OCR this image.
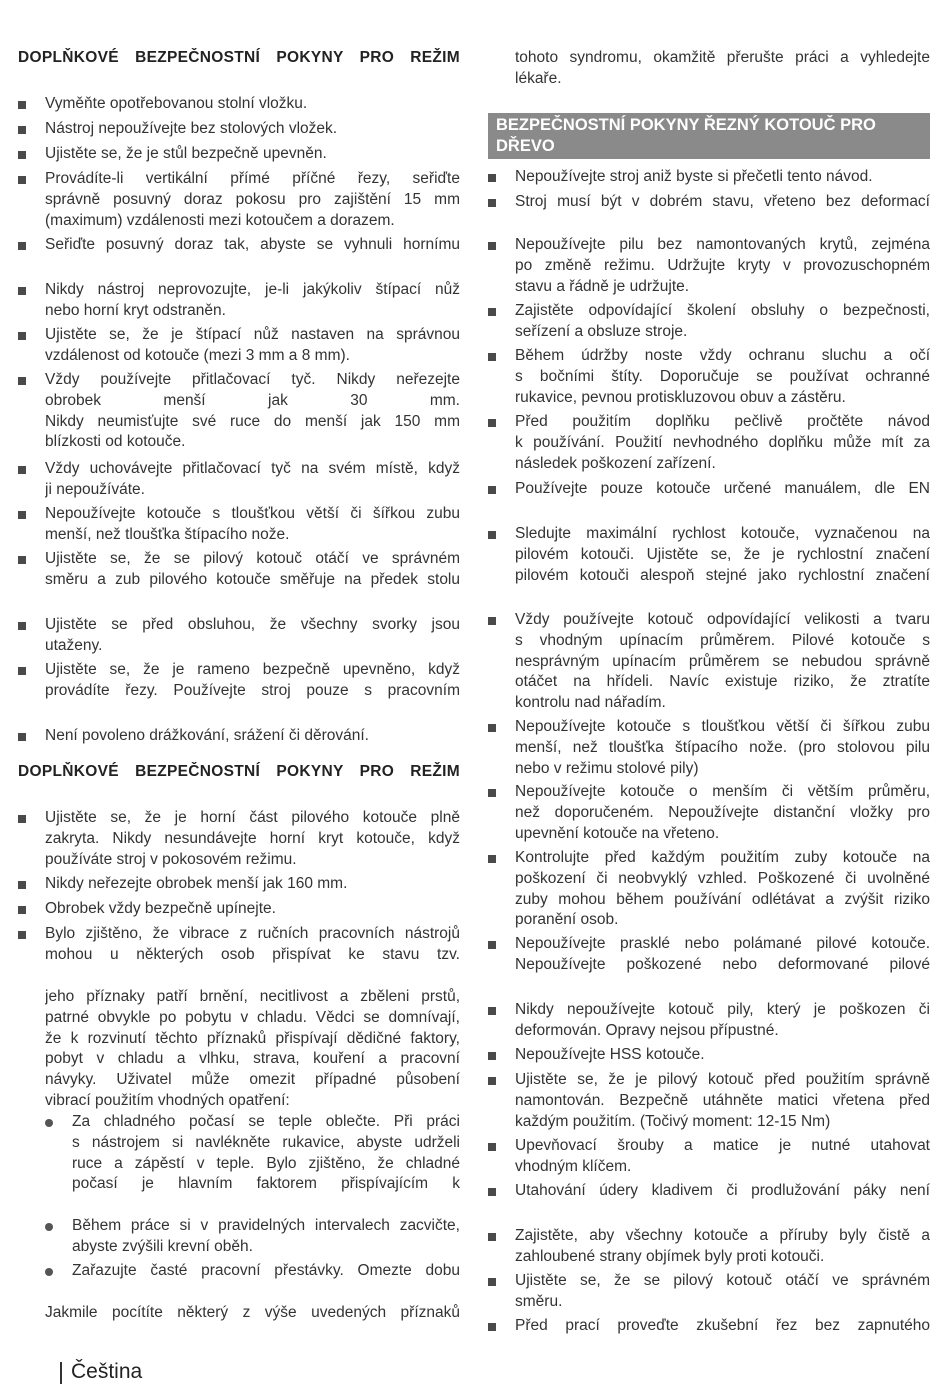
DOPLŇKOVÉ BEZPEČNOSTNÍ POKYNY PRO REŽIM
Vyměňte opotřebovanou stolní vložku.
Nástroj nepoužívejte bez stolových vložek.
Ujistěte se, že je stůl bezpečně upevněn.
Provádíte-li vertikální přímé příčné řezy, seřiďte
správně posuvný doraz pokosu pro zajištění 15 mm
(maximum) vzdálenosti mezi kotoučem a dorazem.
Seřiďte posuvný doraz tak, abyste se vyhnuli hornímu
Nikdy nástroj neprovozujte, je-li jakýkoliv štípací nůž
nebo horní kryt odstraněn.
Ujistěte se, že je štípací nůž nastaven na správnou
vzdálenost od kotouče (mezi 3 mm a 8 mm).
Vždy používejte přitlačovací tyč. Nikdy neřezejte
obrobek menší jak 30 mm.
Nikdy neumisťujte své ruce do menší jak 150 mm
blízkosti od kotouče.
Vždy uchovávejte přitlačovací tyč na svém místě, když
ji nepoužíváte.
Nepoužívejte kotouče s tloušťkou větší či šířkou zubu
menší, než tloušťka štípacího nože.
Ujistěte se, že se pilový kotouč otáčí ve správném
směru a zub pilového kotouče směřuje na předek stolu
Ujistěte se před obsluhou, že všechny svorky jsou
utaženy.
Ujistěte se, že je rameno bezpečně upevněno, když
provádíte řezy. Používejte stroj pouze s pracovním
Není povoleno drážkování, srážení či děrování.
DOPLŇKOVÉ BEZPEČNOSTNÍ POKYNY PRO REŽIM
Ujistěte se, že je horní část pilového kotouče plně
zakryta. Nikdy nesundávejte horní kryt kotouče, když
používáte stroj v pokosovém režimu.
Nikdy neřezejte obrobek menší jak 160 mm.
Obrobek vždy bezpečně upínejte.
Bylo zjištěno, že vibrace z ručních pracovních nástrojů
mohou u některých osob přispívat ke stavu tzv.
jeho příznaky patří brnění, necitlivost a zběleni prstů,
patrné obvykle po pobytu v chladu. Vědci se domnívají,
že k rozvinutí těchto příznaků přispívají dědičné faktory,
pobyt v chladu a vlhku, strava, kouření a pracovní
návyky. Uživatel může omezit případné působení
vibrací použitím vhodných opatření:
Za chladného počasí se teple oblečte. Při práci
s nástrojem si navlékněte rukavice, abyste udrželi
ruce a zápěstí v teple. Bylo zjištěno, že chladné
počasí je hlavním faktorem přispívajícím k
Během práce si v pravidelných intervalech zacvičte,
abyste zvýšili krevní oběh.
Zařazujte časté pracovní přestávky. Omezte dobu
Jakmile pocítíte některý z výše uvedených příznaků
tohoto syndromu, okamžitě přerušte práci a vyhledejte
lékaře.
BEZPEČNOSTNÍ POKYNY ŘEZNÝ KOTOUČ PRO
DŘEVO
Nepoužívejte stroj aniž byste si přečetli tento návod.
Stroj musí být v dobrém stavu, vřeteno bez deformací
Nepoužívejte pilu bez namontovaných krytů, zejména
po změně režimu. Udržujte kryty v provozuschopném
stavu a řádně je udržujte.
Zajistěte odpovídající školení obsluhy o bezpečnosti,
seřízení a obsluze stroje.
Během údržby noste vždy ochranu sluchu a očí
s bočními štíty. Doporučuje se používat ochranné
rukavice, pevnou protiskluzovou obuv a zástěru.
Před použitím doplňku pečlivě pročtěte návod
k používání. Použití nevhodného doplňku může mít za
následek poškození zařízení.
Používejte pouze kotouče určené manuálem, dle EN
Sledujte maximální rychlost kotouče, vyznačenou na
pilovém kotouči. Ujistěte se, že je rychlostní značení
pilovém kotouči alespoň stejné jako rychlostní značení
Vždy používejte kotouč odpovídající velikosti a tvaru
s vhodným upínacím průměrem. Pilové kotouče s
nesprávným upínacím průměrem se nebudou správně
otáčet na hřídeli. Navíc existuje riziko, že ztratíte
kontrolu nad nářadím.
Nepoužívejte kotouče s tloušťkou větší či šířkou zubu
menší, než tloušťka štípacího nože. (pro stolovou pilu
nebo v režimu stolové pily)
Nepoužívejte kotouče o menším či větším průměru,
než doporučeném. Nepoužívejte distanční vložky pro
upevnění kotouče na vřeteno.
Kontrolujte před každým použitím zuby kotouče na
poškození či neobvyklý vzhled. Poškozené či uvolněné
zuby mohou během používání odlétávat a zvýšit riziko
poranění osob.
Nepoužívejte prasklé nebo polámané pilové kotouče.
Nepoužívejte poškozené nebo deformované pilové
Nikdy nepoužívejte kotouč pily, který je poškozen či
deformován. Opravy nejsou přípustné.
Nepoužívejte HSS kotouče.
Ujistěte se, že je pilový kotouč před použitím správně
namontován. Bezpečně utáhněte matici vřetena před
každým použitím. (Točivý moment: 12-15 Nm)
Upevňovací šrouby a matice je nutné utahovat
vhodným klíčem.
Utahování údery kladivem či prodlužování páky není
Zajistěte, aby všechny kotouče a příruby byly čistě a
zahloubené strany objímek byly proti kotouči.
Ujistěte se, že se pilový kotouč otáčí ve správném
směru.
Před prací proveďte zkušební řez bez zapnutého
Čeština
